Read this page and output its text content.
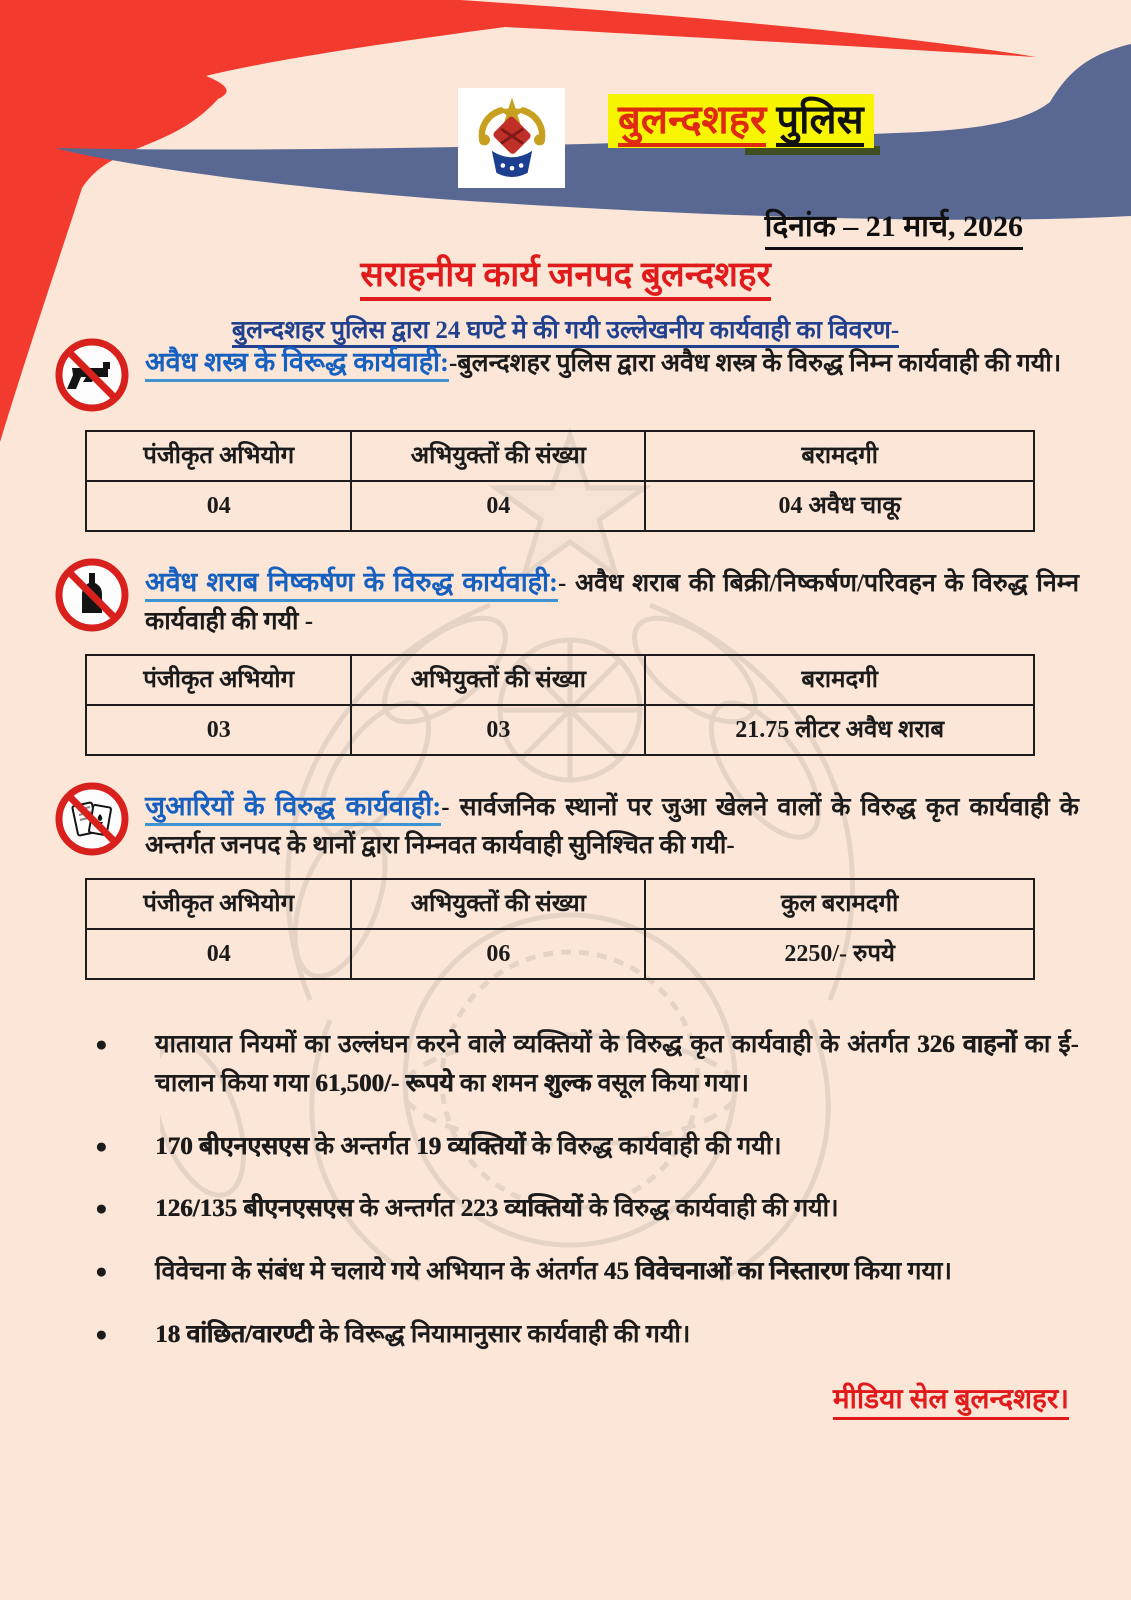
बुलन्दशहर पुलिस
दिनांक – 21 मार्च, 2026
सराहनीय कार्य जनपद बुलन्दशहर
बुलन्दशहर पुलिस द्वारा 24 घण्टे मे की गयी उल्लेखनीय कार्यवाही का विवरण-
अवैध शस्त्र के विरूद्ध कार्यवाही:-बुलन्दशहर पुलिस द्वारा अवैध शस्त्र के विरुद्ध निम्न कार्यवाही की गयी।
पंजीकृत अभियोग	अभियुक्तों की संख्या	बरामदगी
04	04	04 अवैध चाकू
अवैध शराब निष्कर्षण के विरुद्ध कार्यवाही:- अवैध शराब की बिक्री/निष्कर्षण/परिवहन के विरुद्ध निम्न कार्यवाही की गयी -
पंजीकृत अभियोग	अभियुक्तों की संख्या	बरामदगी
03	03	21.75 लीटर अवैध शराब
जुआरियों के विरुद्ध कार्यवाही:- सार्वजनिक स्थानों पर जुआ खेलने वालों के विरुद्ध कृत कार्यवाही के अन्तर्गत जनपद के थानों द्वारा निम्नवत कार्यवाही सुनिश्चित की गयी-
पंजीकृत अभियोग	अभियुक्तों की संख्या	कुल बरामदगी
04	06	2250/- रुपये
● यातायात नियमों का उल्लंघन करने वाले व्यक्तियों के विरुद्ध कृत कार्यवाही के अंतर्गत 326 वाहनों का ई-चालान किया गया 61,500/- रूपये का शमन शुल्क वसूल किया गया।
● 170 बीएनएसएस के अन्तर्गत 19 व्यक्तियों के विरुद्ध कार्यवाही की गयी।
● 126/135 बीएनएसएस के अन्तर्गत 223 व्यक्तियों के विरुद्ध कार्यवाही की गयी।
● विवेचना के संबंध मे चलाये गये अभियान के अंतर्गत 45 विवेचनाओं का निस्तारण किया गया।
● 18 वांछित/वारण्टी के विरूद्ध नियामानुसार कार्यवाही की गयी।
मीडिया सेल बुलन्दशहर।
